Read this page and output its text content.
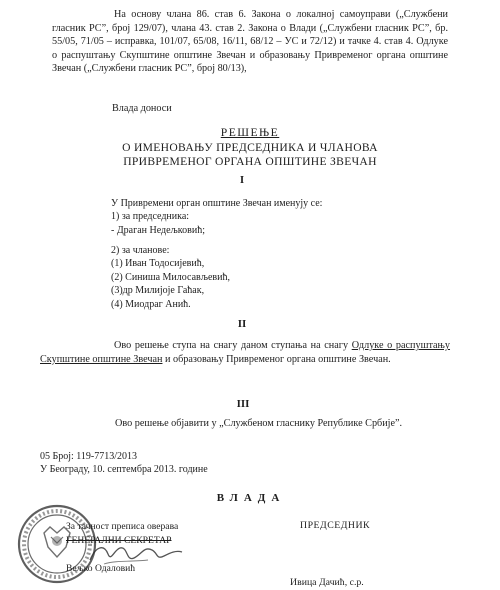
На основу члана 86. став 6. Закона о локалној самоуправи („Службени гласник РС”, број 129/07), члана 43. став 2. Закона о Влади („Службени гласник РС”, бр. 55/05, 71/05 – исправка, 101/07, 65/08, 16/11, 68/12 – УС и 72/12) и тачке 4. став 4. Одлуке о распуштању Скупштине општине Звечан и образовању Привременог органа општине Звечан („Службени гласник РС”, број 80/13),

Влада доноси
РЕШЕЊЕ
О ИМЕНОВАЊУ ПРЕДСЕДНИКА И ЧЛАНОВА
ПРИВРЕМЕНОГ ОРГАНА ОПШТИНЕ ЗВЕЧАН
I
У Привремени орган општине Звечан именују се:
1) за председника:
- Драган Недељковић;
2) за чланове:
(1) Иван Тодосијевић,
(2) Синиша Милосављевић,
(3)др Милијоје Гаћак,
(4) Миодраг Анић.
II

Ово решење ступа на снагу даном ступања на снагу Одлуке о распуштању Скупштине општине Звечан и образовању Привременог органа општине Звечан.

III
Ово решење објавити у „Службеном гласнику Републике Србије”.
05 Број: 119-7713/2013
У Београду, 10. септембра 2013. године
ВЛАДА
За тачност преписа оверава
ГЕНЕРАЛНИ СЕКРЕТАР
Вељко Одаловић
ПРЕДСЕДНИК
Ивица Дачић, с.р.
